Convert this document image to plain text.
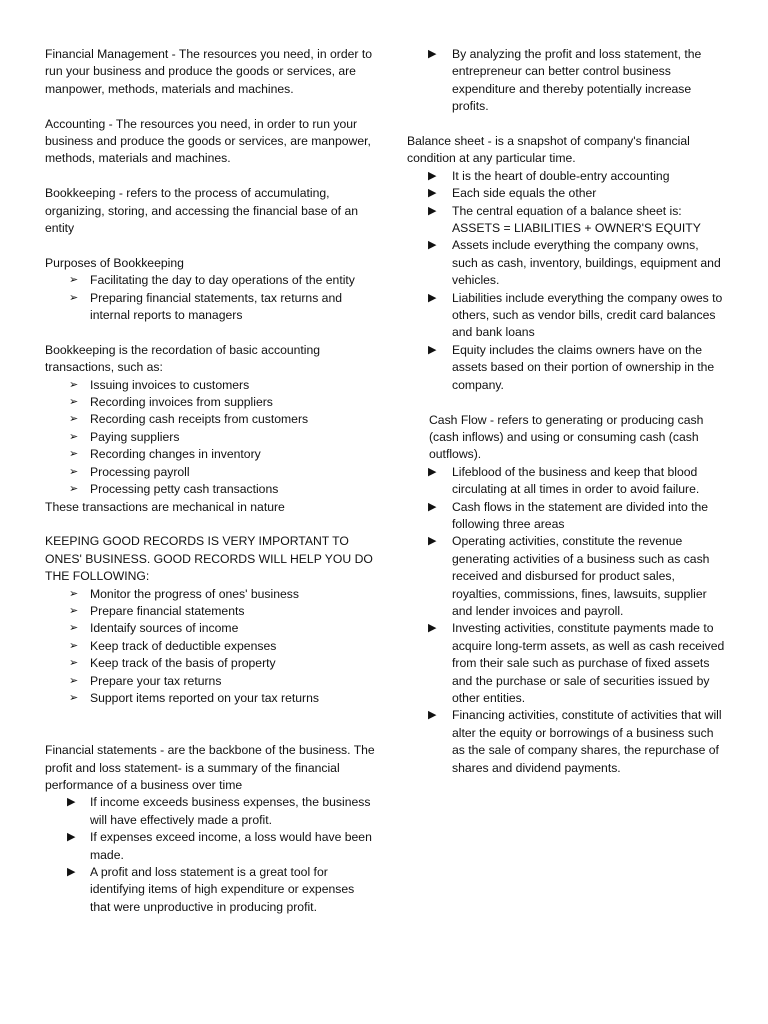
Financial Management - The resources you need, in order to run your business and produce the goods or services, are manpower, methods, materials and machines.

Accounting - The resources you need, in order to run your business and produce the goods or services, are manpower, methods, materials and machines.

Bookkeeping - refers to the process of accumulating, organizing, storing, and accessing the financial base of an entity

Purposes of Bookkeeping

➢ Facilitating the day to day operations of the entity
➢ Preparing financial statements, tax returns and internal reports to managers

Bookkeeping is the recordation of basic accounting transactions, such as:

➢ Issuing invoices to customers
➢ Recording invoices from suppliers
➢ Recording cash receipts from customers
➢ Paying suppliers
➢ Recording changes in inventory
➢ Processing payroll
➢ Processing petty cash transactions

These transactions are mechanical in nature

KEEPING GOOD RECORDS IS VERY IMPORTANT TO ONES' BUSINESS. GOOD RECORDS WILL HELP YOU DO THE FOLLOWING:

➢ Monitor the progress of ones' business
➢ Prepare financial statements
➢ Identaify sources of income
➢ Keep track of deductible expenses
➢ Keep track of the basis of property
➢ Prepare your tax returns
➢ Support items reported on your tax returns

Financial statements - are the backbone of the business. The profit and loss statement- is a summary of the financial performance of a business over time

▶ If income exceeds business expenses, the business will have effectively made a profit.
▶ If expenses exceed income, a loss would have been made.
▶ A profit and loss statement is a great tool for identifying items of high expenditure or expenses that were unproductive in producing profit.
▶ By analyzing the profit and loss statement, the entrepreneur can better control business expenditure and thereby potentially increase profits.

Balance sheet - is a snapshot of company's financial condition at any particular time.

▶ It is the heart of double-entry accounting
▶ Each side equals the other
▶ The central equation of a balance sheet is: ASSETS = LIABILITIES + OWNER'S EQUITY
▶ Assets include everything the company owns, such as cash, inventory, buildings, equipment and vehicles.
▶ Liabilities include everything the company owes to others, such as vendor bills, credit card balances and bank loans
▶ Equity includes the claims owners have on the assets based on their portion of ownership in the company.

Cash Flow - refers to generating or producing cash (cash inflows) and using or consuming cash (cash outflows).

▶ Lifeblood of the business and keep that blood circulating at all times in order to avoid failure.
▶ Cash flows in the statement are divided into the following three areas
▶ Operating activities, constitute the revenue generating activities of a business such as cash received and disbursed for product sales, royalties, commissions, fines, lawsuits, supplier and lender invoices and payroll.
▶ Investing activities, constitute payments made to acquire long-term assets, as well as cash received from their sale such as purchase of fixed assets and the purchase or sale of securities issued by other entities.
▶ Financing activities, constitute of activities that will alter the equity or borrowings of a business such as the sale of company shares, the repurchase of shares and dividend payments.
